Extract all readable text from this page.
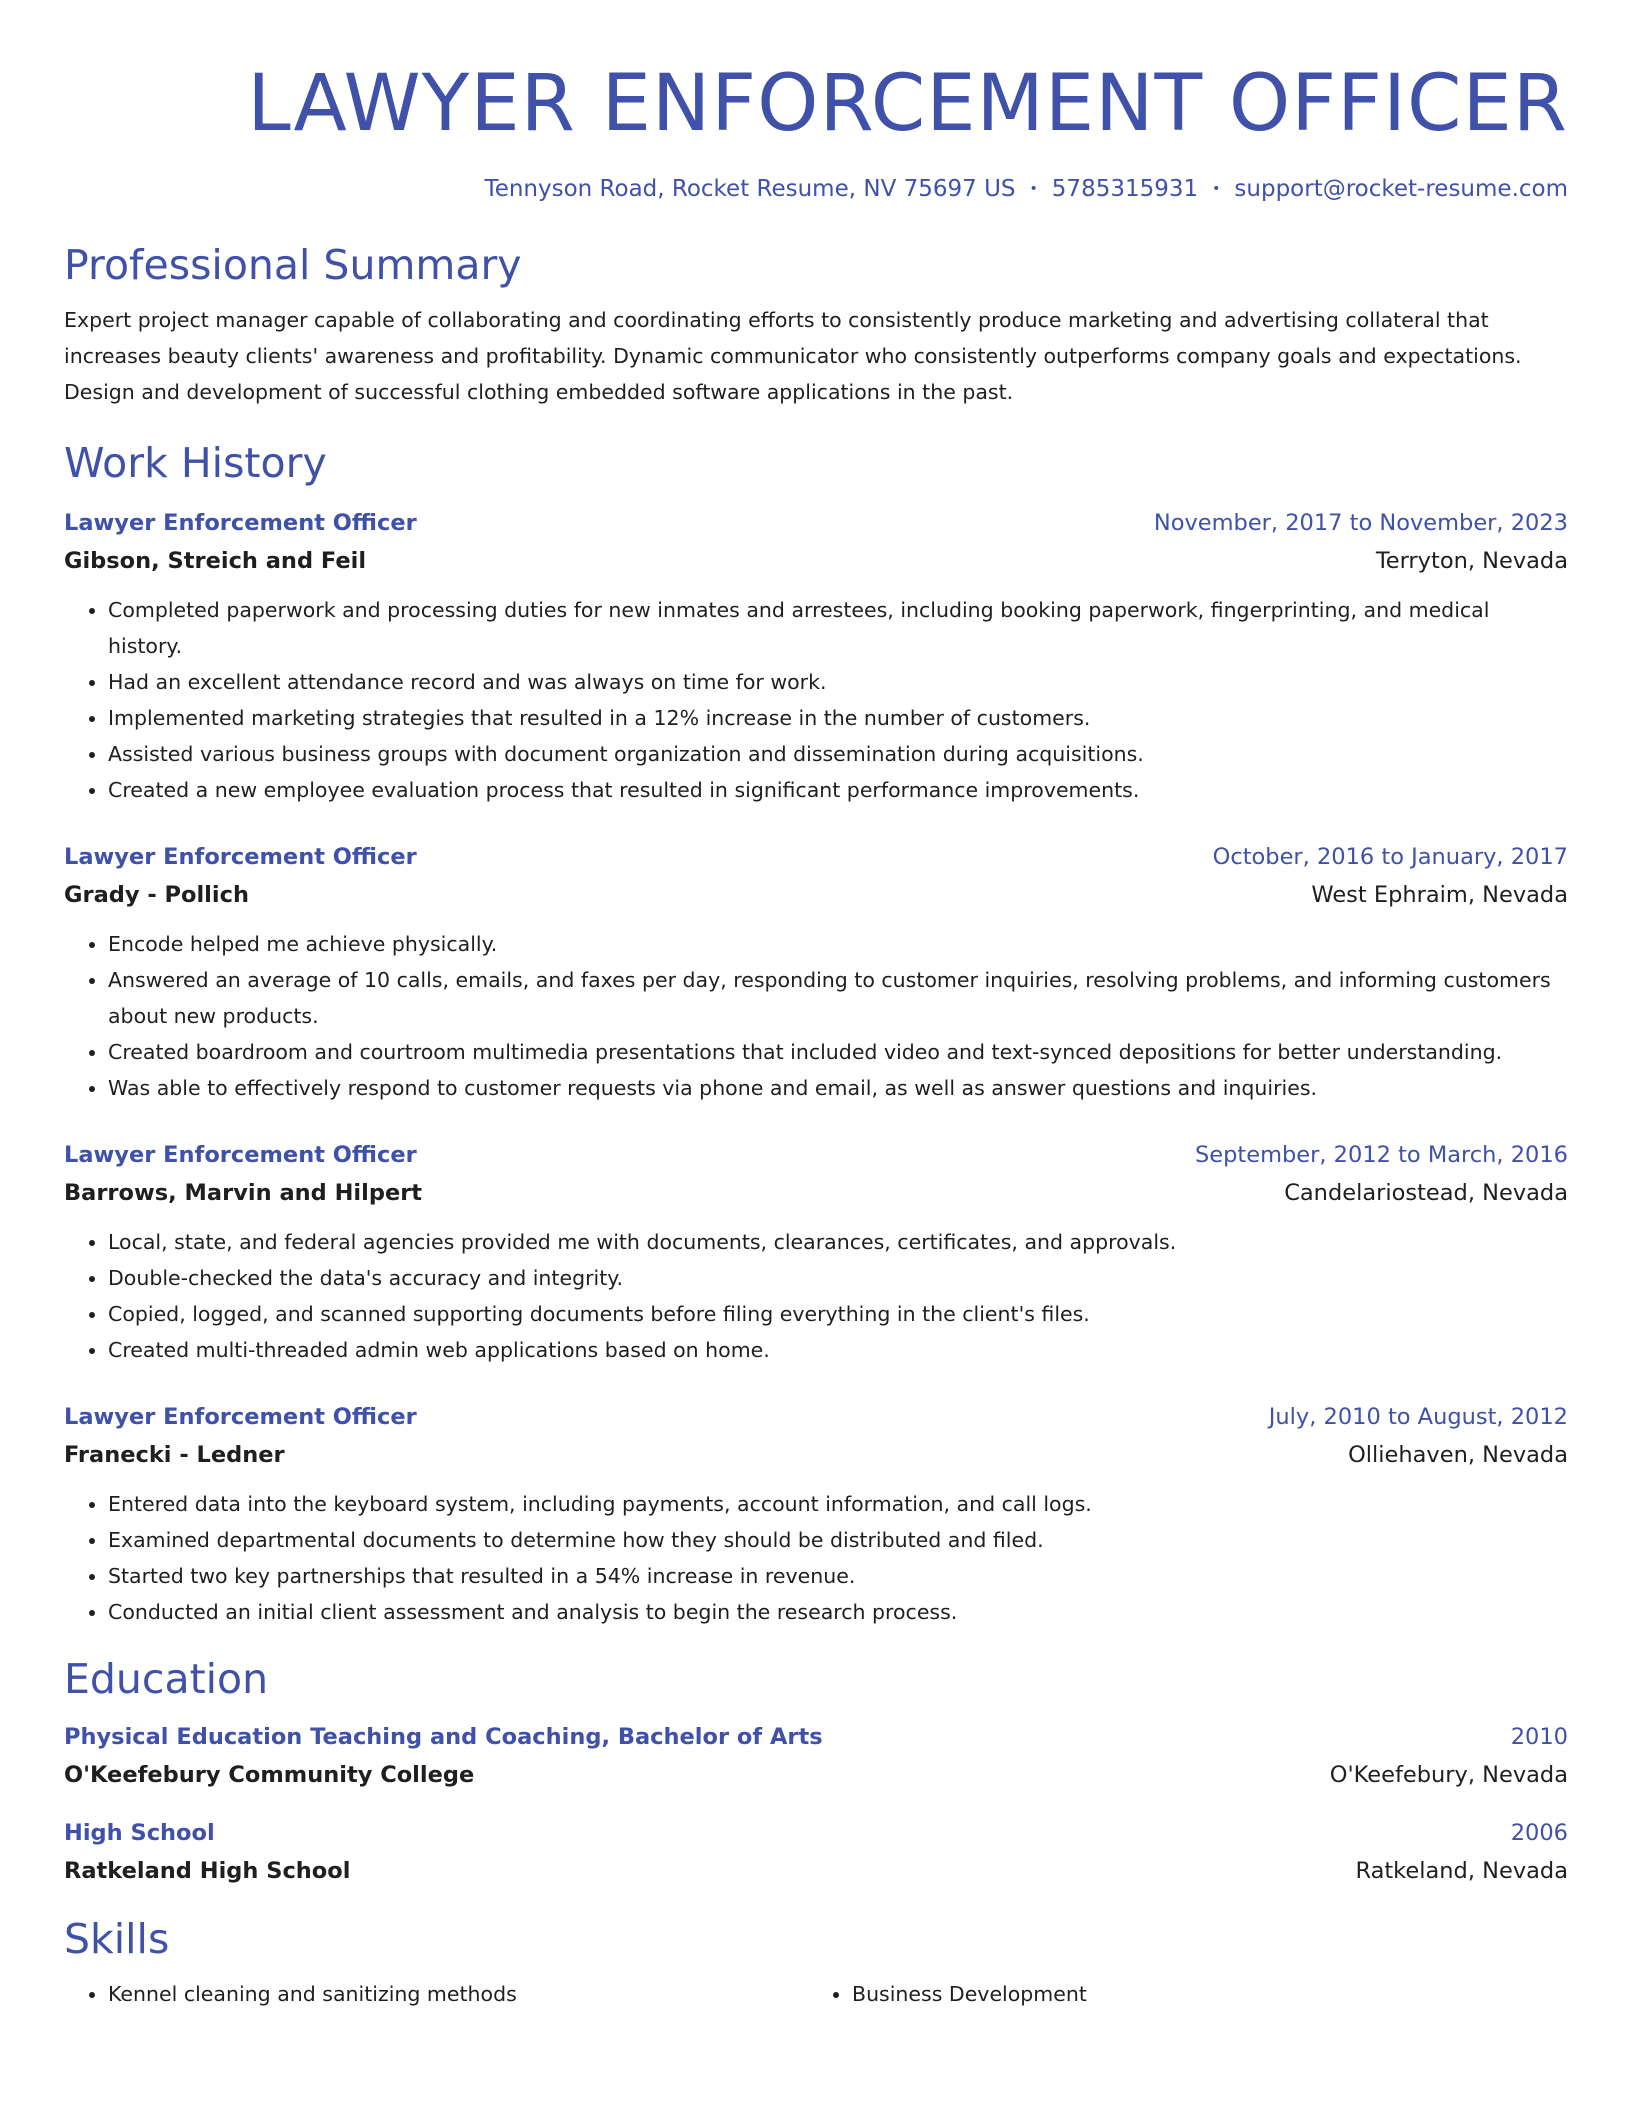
LAWYER ENFORCEMENT OFFICER
Tennyson Road, Rocket Resume, NV 75697 US • 5785315931 • support@rocket-resume.com
Professional Summary
Expert project manager capable of collaborating and coordinating efforts to consistently produce marketing and advertising collateral that increases beauty clients' awareness and profitability. Dynamic communicator who consistently outperforms company goals and expectations. Design and development of successful clothing embedded software applications in the past.
Work History
Lawyer Enforcement Officer	November, 2017 to November, 2023
Gibson, Streich and Feil	Terryton, Nevada
• Completed paperwork and processing duties for new inmates and arrestees, including booking paperwork, fingerprinting, and medical history.
• Had an excellent attendance record and was always on time for work.
• Implemented marketing strategies that resulted in a 12% increase in the number of customers.
• Assisted various business groups with document organization and dissemination during acquisitions.
• Created a new employee evaluation process that resulted in significant performance improvements.
Lawyer Enforcement Officer	October, 2016 to January, 2017
Grady - Pollich	West Ephraim, Nevada
• Encode helped me achieve physically.
• Answered an average of 10 calls, emails, and faxes per day, responding to customer inquiries, resolving problems, and informing customers about new products.
• Created boardroom and courtroom multimedia presentations that included video and text-synced depositions for better understanding.
• Was able to effectively respond to customer requests via phone and email, as well as answer questions and inquiries.
Lawyer Enforcement Officer	September, 2012 to March, 2016
Barrows, Marvin and Hilpert	Candelariostead, Nevada
• Local, state, and federal agencies provided me with documents, clearances, certificates, and approvals.
• Double-checked the data's accuracy and integrity.
• Copied, logged, and scanned supporting documents before filing everything in the client's files.
• Created multi-threaded admin web applications based on home.
Lawyer Enforcement Officer	July, 2010 to August, 2012
Franecki - Ledner	Olliehaven, Nevada
• Entered data into the keyboard system, including payments, account information, and call logs.
• Examined departmental documents to determine how they should be distributed and filed.
• Started two key partnerships that resulted in a 54% increase in revenue.
• Conducted an initial client assessment and analysis to begin the research process.
Education
Physical Education Teaching and Coaching, Bachelor of Arts	2010
O'Keefebury Community College	O'Keefebury, Nevada
High School	2006
Ratkeland High School	Ratkeland, Nevada
Skills
• Kennel cleaning and sanitizing methods
•	Business Development
